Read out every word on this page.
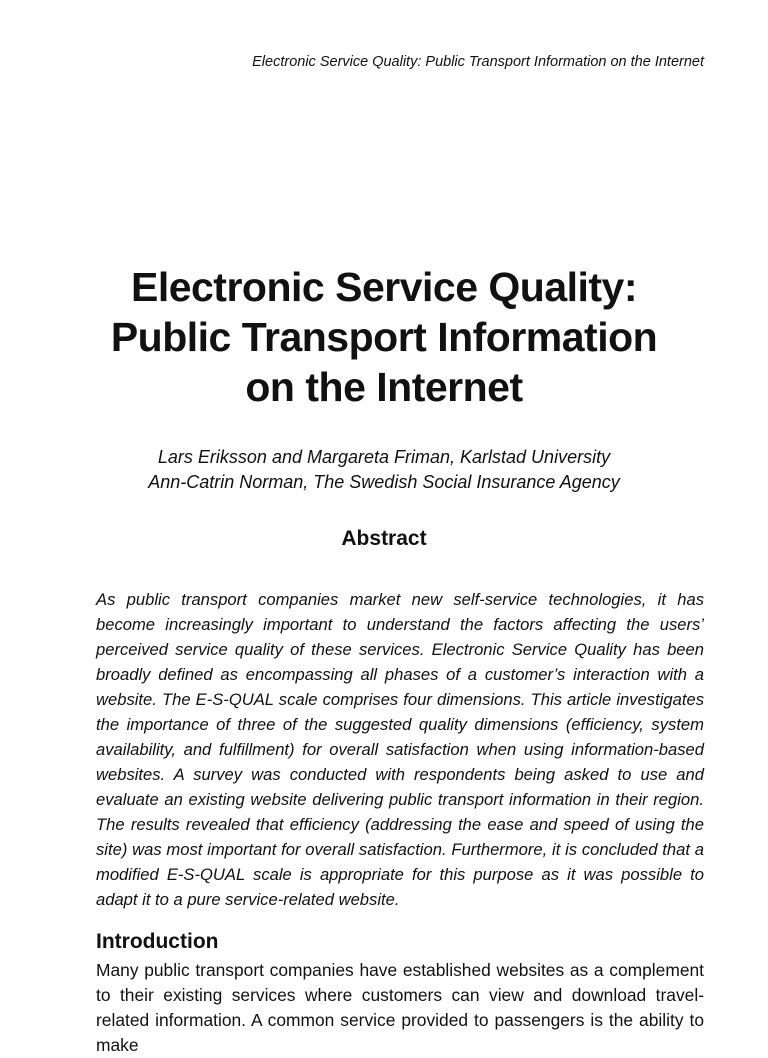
Electronic Service Quality: Public Transport Information on the Internet
Electronic Service Quality:
Public Transport Information
on the Internet
Lars Eriksson and Margareta Friman, Karlstad University
Ann-Catrin Norman, The Swedish Social Insurance Agency
Abstract

As public transport companies market new self-service technologies, it has become increasingly important to understand the factors affecting the users’ perceived service quality of these services. Electronic Service Quality has been broadly defined as encompassing all phases of a customer’s interaction with a website. The E-S-QUAL scale comprises four dimensions. This article investigates the importance of three of the suggested quality dimensions (efficiency, system availability, and fulfillment) for overall satisfaction when using information-based websites. A survey was conducted with respondents being asked to use and evaluate an existing website delivering public transport information in their region. The results revealed that efficiency (addressing the ease and speed of using the site) was most important for overall satisfaction. Furthermore, it is concluded that a modified E-S-QUAL scale is appropriate for this purpose as it was possible to adapt it to a pure service-related website.

Introduction

Many public transport companies have established websites as a complement to their existing services where customers can view and download travel-related information. A common service provided to passengers is the ability to make
